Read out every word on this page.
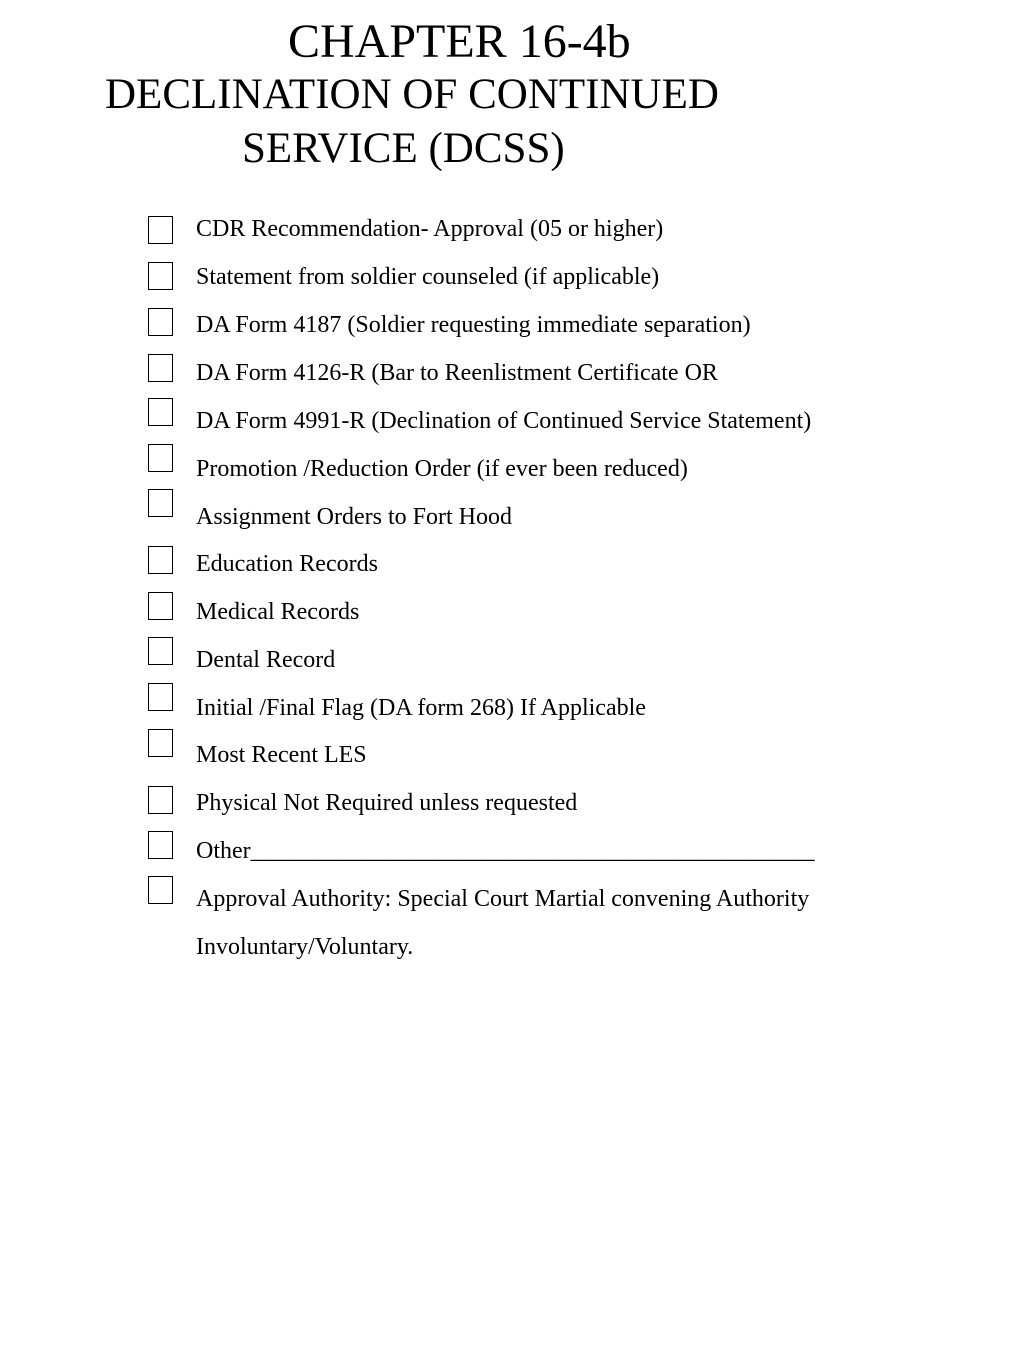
CHAPTER 16-4b
DECLINATION OF CONTINUED
SERVICE (DCSS)
CDR Recommendation- Approval (05 or higher)
Statement from soldier counseled (if applicable)
DA Form 4187 (Soldier requesting immediate separation)
DA Form 4126-R (Bar to Reenlistment Certificate OR
DA Form 4991-R (Declination of Continued Service Statement)
Promotion /Reduction Order (if ever been reduced)
Assignment Orders to Fort Hood
Education Records
Medical Records
Dental Record
Initial /Final Flag (DA form 268) If Applicable
Most Recent LES
Physical Not Required unless requested
Other_______________________________________________
Approval Authority: Special Court Martial convening Authority
Involuntary/Voluntary.
